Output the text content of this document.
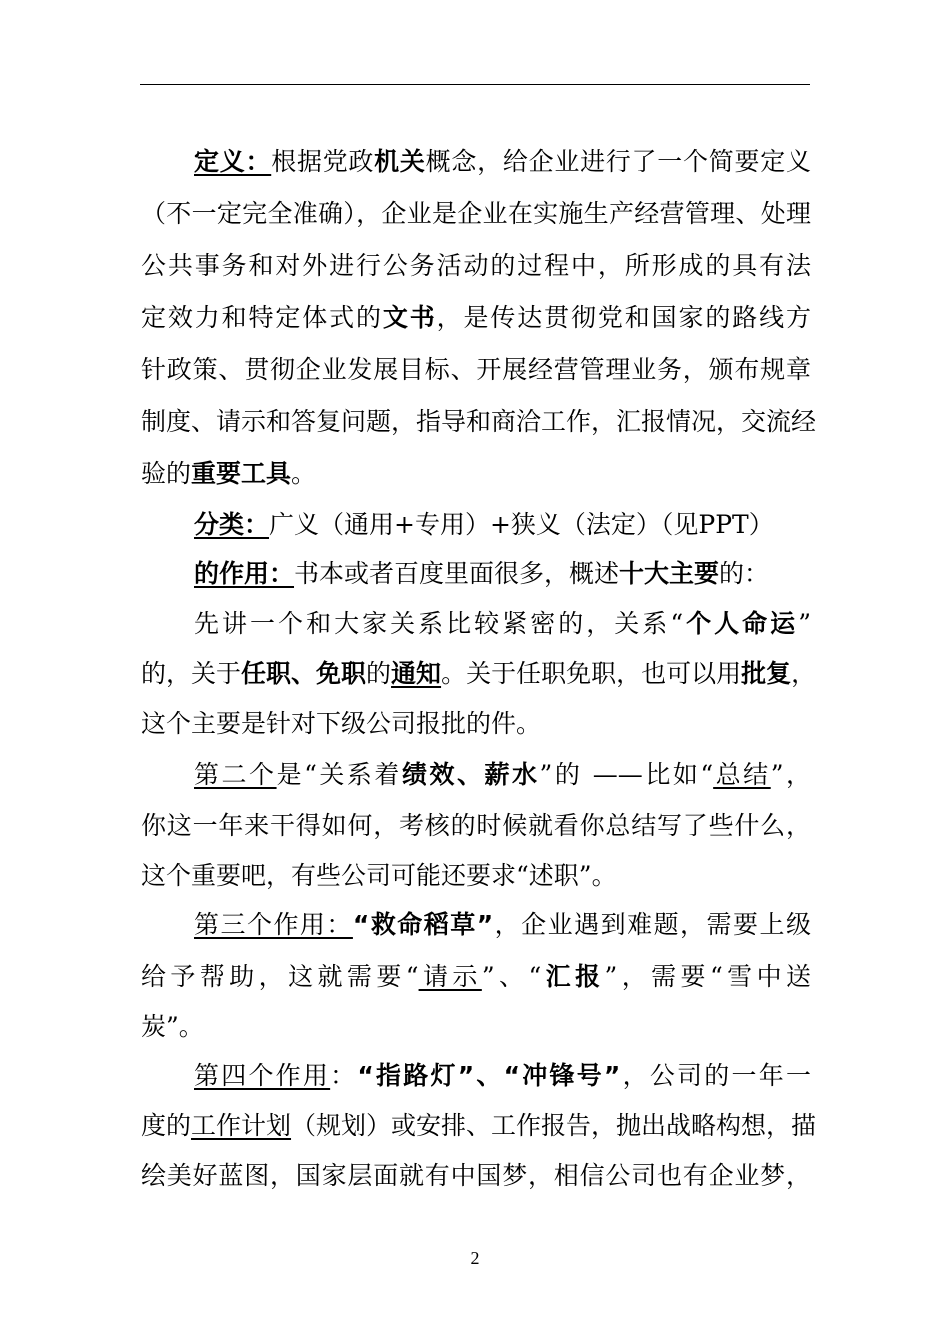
定义：根据党政机关概念，给企业进行了一个简要定义
（不一定完全准确），企业是企业在实施生产经营管理、处理
公共事务和对外进行公务活动的过程中，所形成的具有法
定效力和特定体式的文书，是传达贯彻党和国家的路线方
针政策、贯彻企业发展目标、开展经营管理业务，颁布规章
制度、请示和答复问题，指导和商洽工作，汇报情况，交流经
验的重要工具。
分类：广义（通用+专用）+狭义（法定）（见PPT）
的作用：书本或者百度里面很多，概述十大主要的：
先讲一个和大家关系比较紧密的，关系“个人命运”
的，关于任职、免职的通知。关于任职免职，也可以用批复，
这个主要是针对下级公司报批的件。
第二个是“关系着绩效、薪水”的 ——比如“总结”，
你这一年来干得如何，考核的时候就看你总结写了些什么，
这个重要吧，有些公司可能还要求“述职”。
第三个作用：“救命稻草”，企业遇到难题，需要上级
给予帮助，这就需要“请示”、“汇报”，需要“雪中送
炭”。
第四个作用：“指路灯”、“冲锋号”，公司的一年一
度的工作计划（规划）或安排、工作报告，抛出战略构想，描
绘美好蓝图，国家层面就有中国梦，相信公司也有企业梦，
2
